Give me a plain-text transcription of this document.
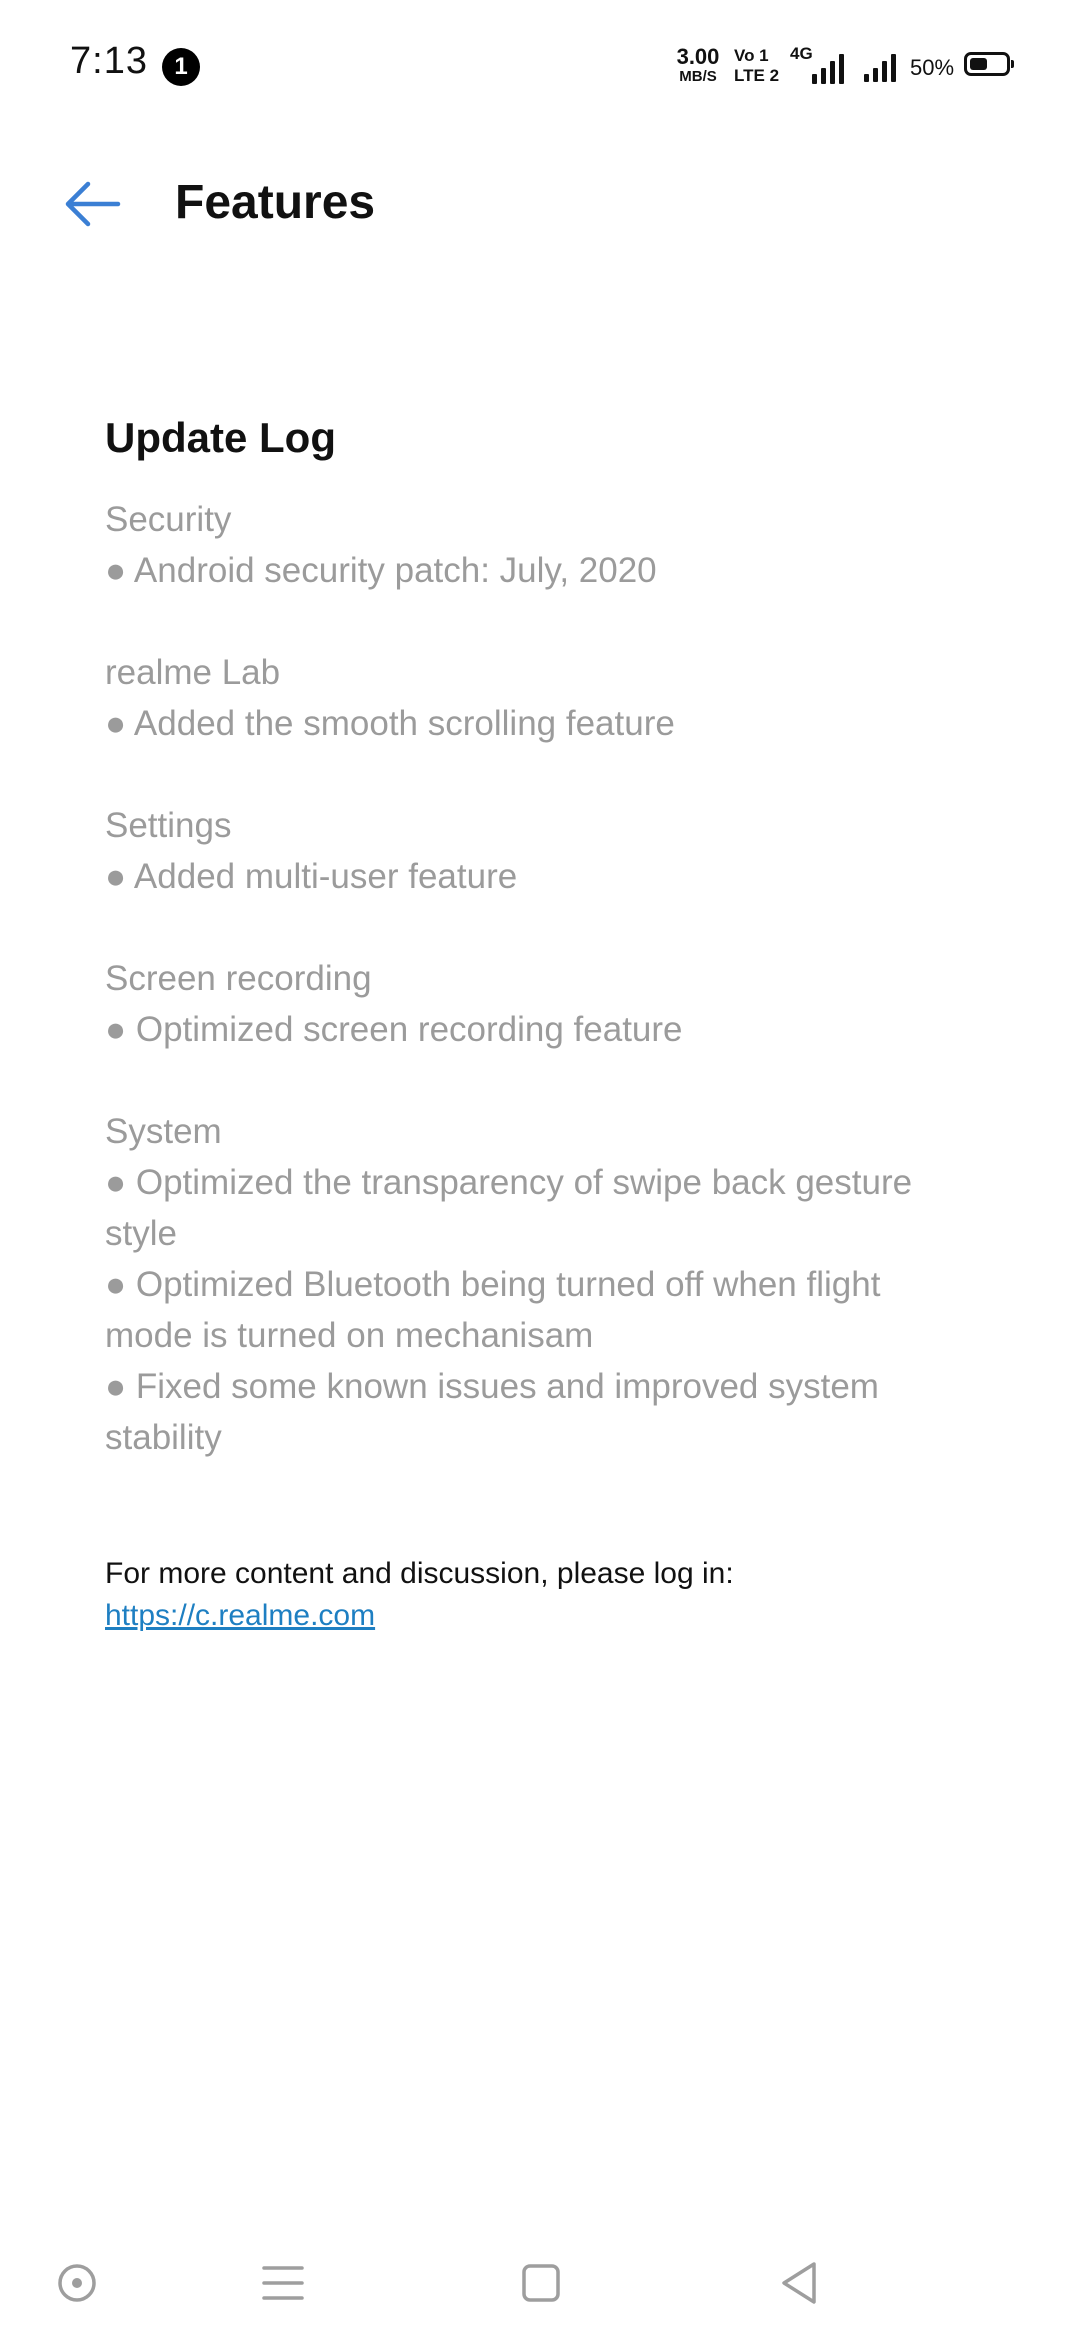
7:13	1	3.00
MB/S
Vo 1
LTE 2
4G
50%
Features
Update Log
Security
● Android security patch: July, 2020
realme Lab
● Added the smooth scrolling feature
Settings
● Added multi-user feature
Screen recording
● Optimized screen recording feature
System
● Optimized the transparency of swipe back gesture
style
● Optimized Bluetooth being turned off when flight
mode is turned on mechanisam
● Fixed some known issues and improved system
stability
For more content and discussion, please log in:
https://c.realme.com
